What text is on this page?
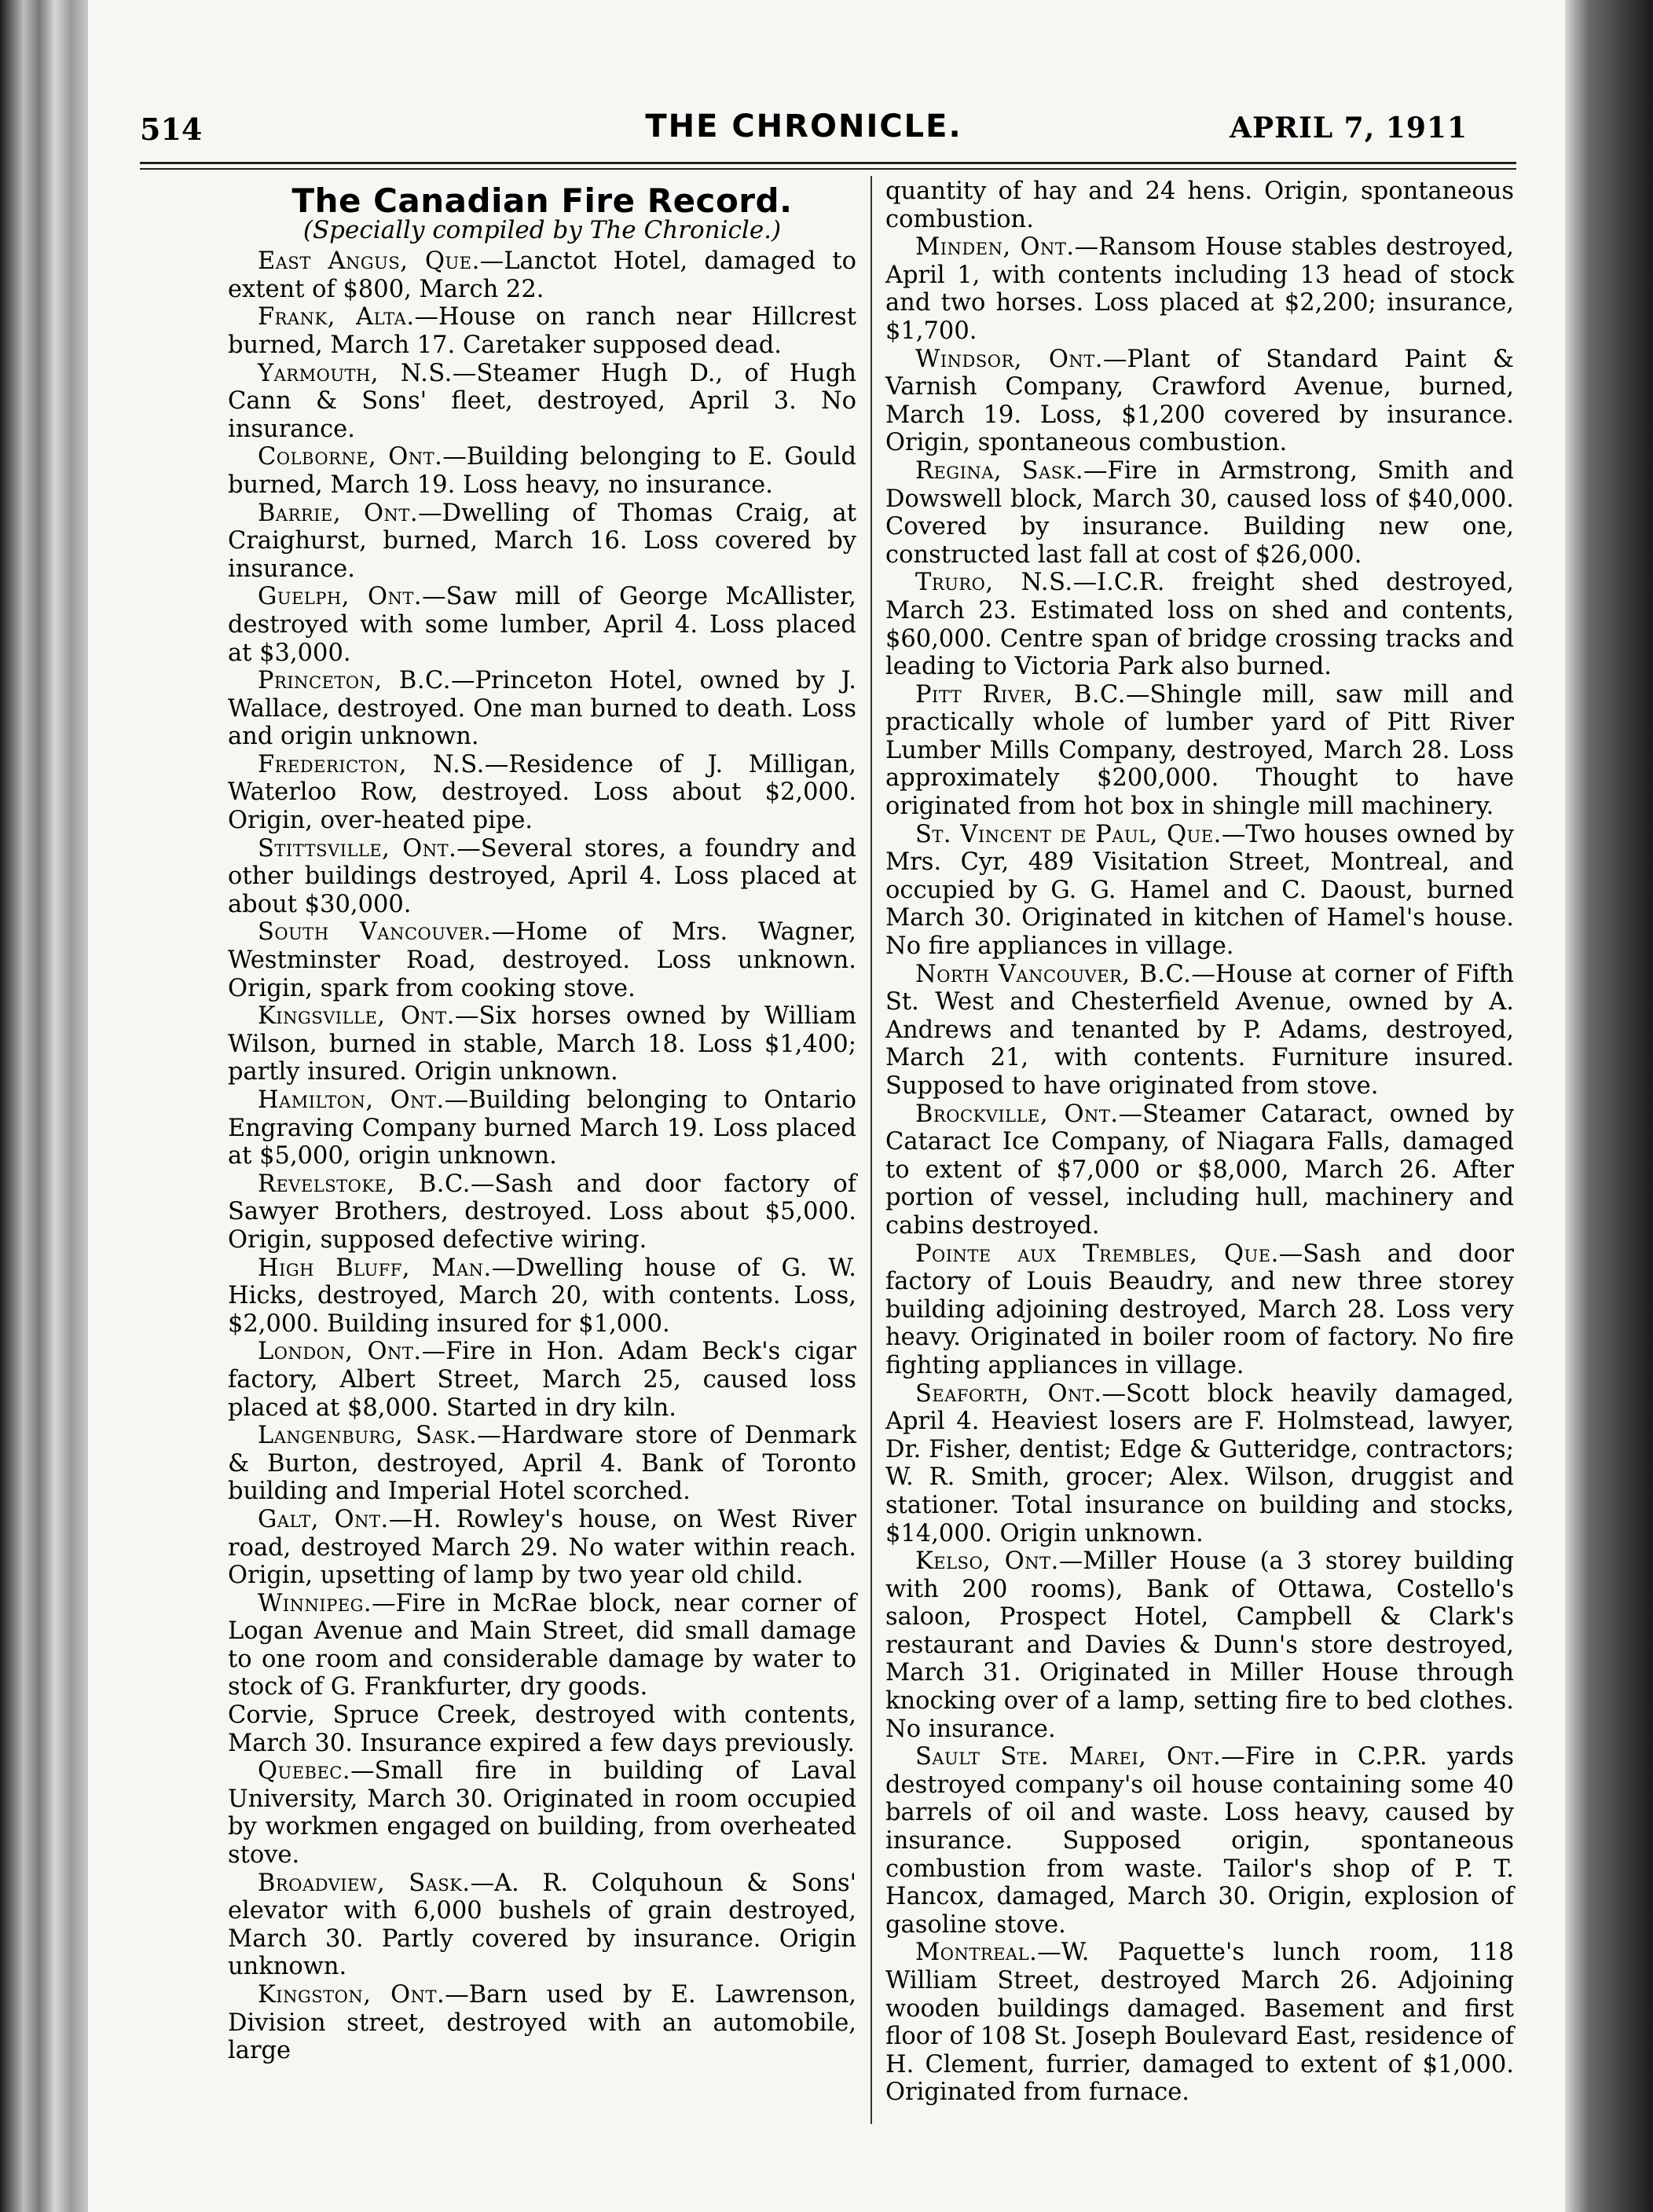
514	THE CHRONICLE.	APRIL 7, 1911
The Canadian Fire Record.
(Specially compiled by The Chronicle.)

East Angus, Que.—Lanctot Hotel, damaged to extent of $800, March 22.

Frank, Alta.—House on ranch near Hillcrest burned, March 17. Caretaker supposed dead.

Yarmouth, N.S.—Steamer Hugh D., of Hugh Cann & Sons' fleet, destroyed, April 3. No insurance.

Colborne, Ont.—Building belonging to E. Gould burned, March 19. Loss heavy, no insurance.

Barrie, Ont.—Dwelling of Thomas Craig, at Craighurst, burned, March 16. Loss covered by insurance.

Guelph, Ont.—Saw mill of George McAllister, destroyed with some lumber, April 4. Loss placed at $3,000.

Princeton, B.C.—Princeton Hotel, owned by J. Wallace, destroyed. One man burned to death. Loss and origin unknown.

Fredericton, N.S.—Residence of J. Milligan, Waterloo Row, destroyed. Loss about $2,000. Origin, over-heated pipe.

Stittsville, Ont.—Several stores, a foundry and other buildings destroyed, April 4. Loss placed at about $30,000.

South Vancouver.—Home of Mrs. Wagner, Westminster Road, destroyed. Loss unknown. Origin, spark from cooking stove.

Kingsville, Ont.—Six horses owned by William Wilson, burned in stable, March 18. Loss $1,400; partly insured. Origin unknown.

Hamilton, Ont.—Building belonging to Ontario Engraving Company burned March 19. Loss placed at $5,000, origin unknown.

Revelstoke, B.C.—Sash and door factory of Sawyer Brothers, destroyed. Loss about $5,000. Origin, supposed defective wiring.

High Bluff, Man.—Dwelling house of G. W. Hicks, destroyed, March 20, with contents. Loss, $2,000. Building insured for $1,000.

London, Ont.—Fire in Hon. Adam Beck's cigar factory, Albert Street, March 25, caused loss placed at $8,000. Started in dry kiln.

Langenburg, Sask.—Hardware store of Denmark & Burton, destroyed, April 4. Bank of Toronto building and Imperial Hotel scorched.

Galt, Ont.—H. Rowley's house, on West River road, destroyed March 29. No water within reach. Origin, upsetting of lamp by two year old child.

Winnipeg.—Fire in McRae block, near corner of Logan Avenue and Main Street, did small damage to one room and considerable damage by water to stock of G. Frankfurter, dry goods.

Corvie, Spruce Creek, destroyed with contents, March 30. Insurance expired a few days previously.

Quebec.—Small fire in building of Laval University, March 30. Originated in room occupied by workmen engaged on building, from overheated stove.

Broadview, Sask.—A. R. Colquhoun & Sons' elevator with 6,000 bushels of grain destroyed, March 30. Partly covered by insurance. Origin unknown.

Kingston, Ont.—Barn used by E. Lawrenson, Division street, destroyed with an automobile, large

quantity of hay and 24 hens. Origin, spontaneous combustion.

Minden, Ont.—Ransom House stables destroyed, April 1, with contents including 13 head of stock and two horses. Loss placed at $2,200; insurance, $1,700.

Windsor, Ont.—Plant of Standard Paint & Varnish Company, Crawford Avenue, burned, March 19. Loss, $1,200 covered by insurance. Origin, spontaneous combustion.

Regina, Sask.—Fire in Armstrong, Smith and Dowswell block, March 30, caused loss of $40,000. Covered by insurance. Building new one, constructed last fall at cost of $26,000.

Truro, N.S.—I.C.R. freight shed destroyed, March 23. Estimated loss on shed and contents, $60,000. Centre span of bridge crossing tracks and leading to Victoria Park also burned.

Pitt River, B.C.—Shingle mill, saw mill and practically whole of lumber yard of Pitt River Lumber Mills Company, destroyed, March 28. Loss approximately $200,000. Thought to have originated from hot box in shingle mill machinery.

St. Vincent de Paul, Que.—Two houses owned by Mrs. Cyr, 489 Visitation Street, Montreal, and occupied by G. G. Hamel and C. Daoust, burned March 30. Originated in kitchen of Hamel's house. No fire appliances in village.

North Vancouver, B.C.—House at corner of Fifth St. West and Chesterfield Avenue, owned by A. Andrews and tenanted by P. Adams, destroyed, March 21, with contents. Furniture insured. Supposed to have originated from stove.

Brockville, Ont.—Steamer Cataract, owned by Cataract Ice Company, of Niagara Falls, damaged to extent of $7,000 or $8,000, March 26. After portion of vessel, including hull, machinery and cabins destroyed.

Pointe aux Trembles, Que.—Sash and door factory of Louis Beaudry, and new three storey building adjoining destroyed, March 28. Loss very heavy. Originated in boiler room of factory. No fire fighting appliances in village.

Seaforth, Ont.—Scott block heavily damaged, April 4. Heaviest losers are F. Holmstead, lawyer, Dr. Fisher, dentist; Edge & Gutteridge, contractors; W. R. Smith, grocer; Alex. Wilson, druggist and stationer. Total insurance on building and stocks, $14,000. Origin unknown.

Kelso, Ont.—Miller House (a 3 storey building with 200 rooms), Bank of Ottawa, Costello's saloon, Prospect Hotel, Campbell & Clark's restaurant and Davies & Dunn's store destroyed, March 31. Originated in Miller House through knocking over of a lamp, setting fire to bed clothes. No insurance.

Sault Ste. Marei, Ont.—Fire in C.P.R. yards destroyed company's oil house containing some 40 barrels of oil and waste. Loss heavy, caused by insurance. Supposed origin, spontaneous combustion from waste. Tailor's shop of P. T. Hancox, damaged, March 30. Origin, explosion of gasoline stove.

Montreal.—W. Paquette's lunch room, 118 William Street, destroyed March 26. Adjoining wooden buildings damaged. Basement and first floor of 108 St. Joseph Boulevard East, residence of H. Clement, furrier, damaged to extent of $1,000. Originated from furnace.
